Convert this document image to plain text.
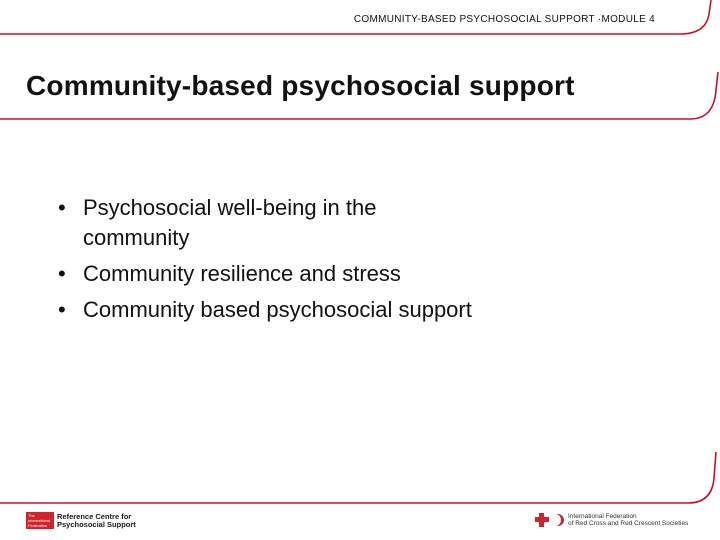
COMMUNITY-BASED PSYCHOSOCIAL SUPPORT ·MODULE 4
Community-based psychosocial support
• Psychosocial well-being in the community
• Community resilience and stress
• Community based psychosocial support
The International Federation
Reference Centre for
Psychosocial Support
International Federation
of Red Cross and Red Crescent Societies
